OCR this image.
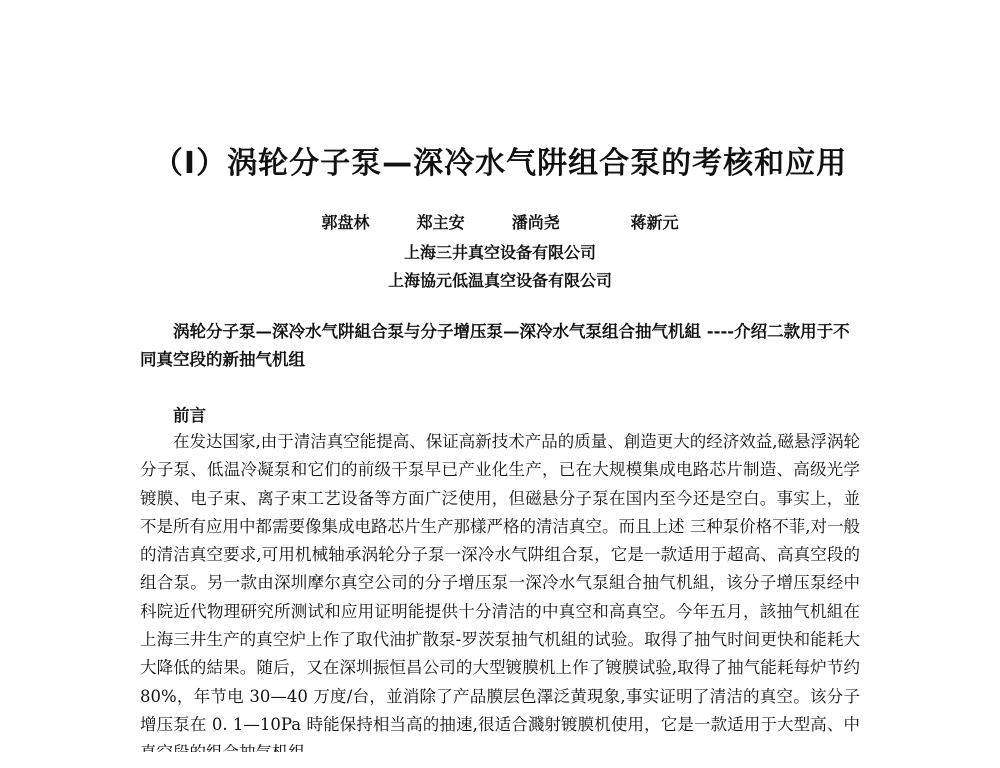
（Ⅰ）涡轮分子泵—深冷水气阱组合泵的考核和应用
郭盘林  郑主安  潘尚尧   蒋新元
上海三井真空设备有限公司
上海協元低温真空设备有限公司

涡轮分子泵—深冷水气阱組合泵与分子增压泵—深冷水气泵组合抽气机組 ----介绍二款用于不同真空段的新抽气机组

前言

在发达国家,由于清洁真空能提高、保证高新技术产品的质量、創造更大的经济效益,磁悬浮涡轮分子泵、低温冷凝泵和它们的前级干泵早已产业化生产，已在大规模集成电路芯片制造、高级光学镀膜、电子束、离子束工艺设备等方面广泛使用，但磁悬分子泵在国内至今还是空白。事实上，並不是所有应用中都需要像集成电路芯片生产那樣严格的清洁真空。而且上述 三种泵价格不菲,对一般的清洁真空要求,可用机械轴承涡轮分子泵一深冷水气阱组合泵，它是一款适用于超高、高真空段的组合泵。另一款由深圳摩尔真空公司的分子增压泵一深冷水气泵組合抽气机組，该分子增压泵经中科院近代物理研究所测试和应用证明能提供十分清洁的中真空和高真空。今年五月，該抽气机組在上海三井生产的真空炉上作了取代油扩散泵-罗茨泵抽气机組的试验。取得了抽气时间更快和能耗大大降低的結果。随后，又在深圳振恒昌公司的大型镀膜机上作了镀膜试验,取得了抽气能耗每炉节约 80%，年节电 30—40 万度/台，並消除了产品膜层色澤泛黄現象,事实证明了清洁的真空。该分子增压泵在 0. 1—10Pa 時能保持相当高的抽速,很适合濺射镀膜机使用，它是一款适用于大型高、中
